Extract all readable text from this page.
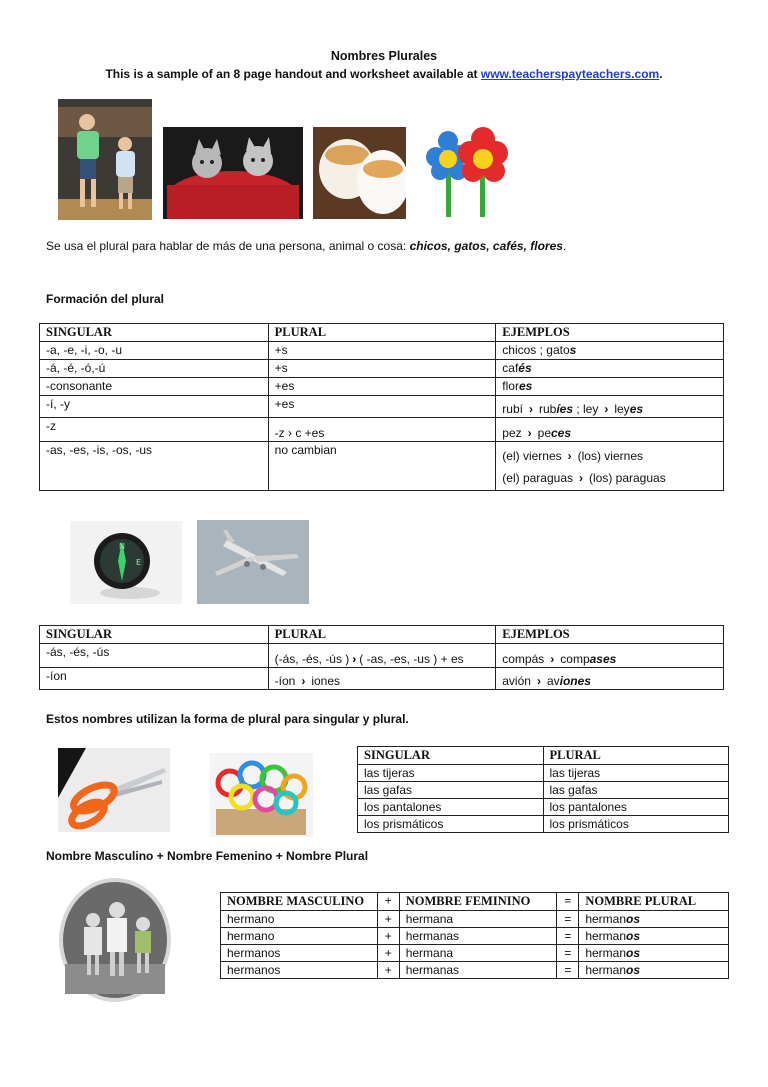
Nombres Plurales
This is a sample of an 8 page handout and worksheet available at www.teacherspayteachers.com.
Se usa el plural para hablar de más de una persona, animal o cosa: chicos, gatos, cafés, flores.
Formación del plural
SINGULAR	PLURAL	EJEMPLOS
-a, -e, -i, -o, -u	+s	chicos ; gatos
-á, -é, -ó,-ú	+s	cafés
-consonante	+es	flores
-í, -y	+es	rubí › rubíes ; ley › leyes
-z	-z › c +es	pez › peces
-as, -es, -is, -os, -us	no cambian	(el) viernes › (los) viernes
(el) paraguas › (los) paraguas
N
E
SINGULAR	PLURAL	EJEMPLOS
-ás, -és, -ús	(-ás, -és, -ús ) › ( -as, -es, -us ) + es	compás › compases
-íon	-íon › iones	avión › aviones
Estos nombres utilizan la forma de plural para singular y plural.
SINGULAR	PLURAL
las tijeras	las tijeras
las gafas	las gafas
los pantalones	los pantalones
los prismáticos	los prismáticos
Nombre Masculino + Nombre Femenino + Nombre Plural
NOMBRE MASCULINO	+	NOMBRE FEMININO	=	NOMBRE PLURAL
hermano	+	hermana	=	hermanos
hermano	+	hermanas	=	hermanos
hermanos	+	hermana	=	hermanos
hermanos	+	hermanas	=	hermanos
